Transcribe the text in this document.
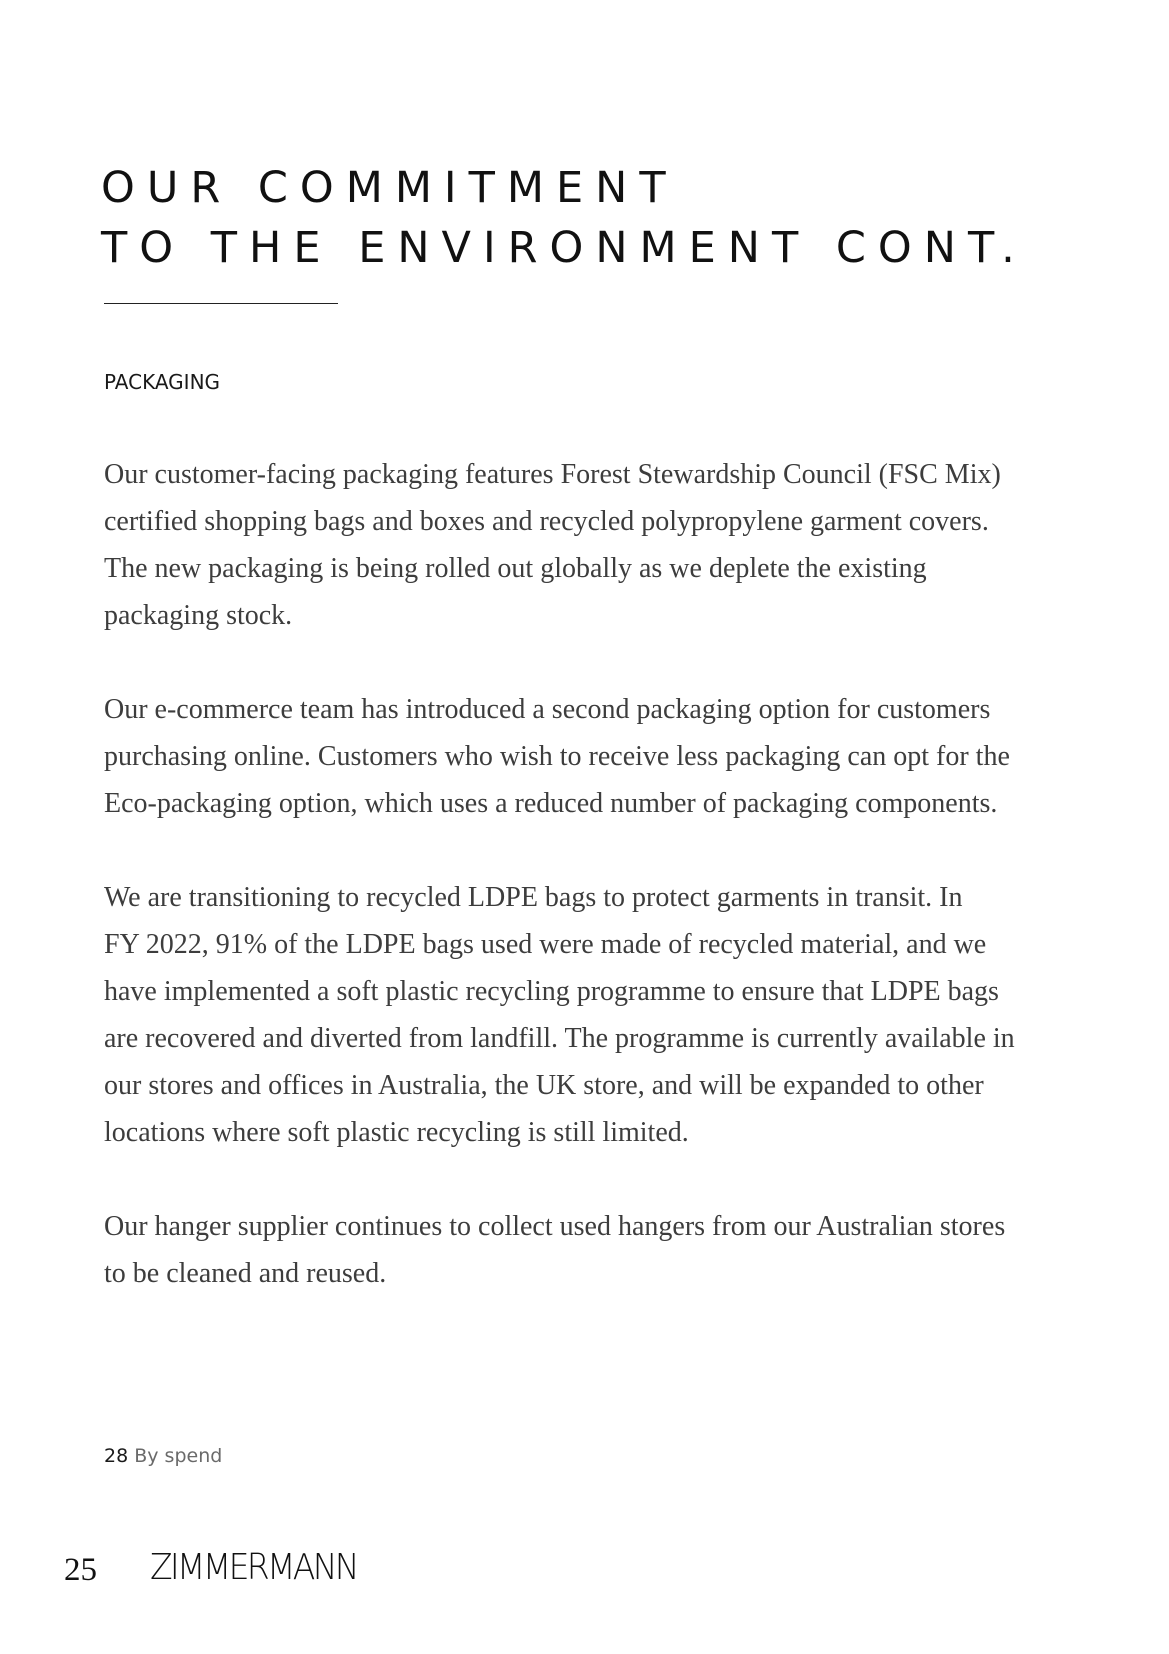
OUR COMMITMENT
TO THE ENVIRONMENT CONT.
PACKAGING

Our customer-facing packaging features Forest Stewardship Council (FSC Mix)
certified shopping bags and boxes and recycled polypropylene garment covers.
The new packaging is being rolled out globally as we deplete the existing
packaging stock.

Our e-commerce team has introduced a second packaging option for customers
purchasing online. Customers who wish to receive less packaging can opt for the
Eco-packaging option, which uses a reduced number of packaging components.

We are transitioning to recycled LDPE bags to protect garments in transit. In
FY 2022, 91% of the LDPE bags used were made of recycled material, and we
have implemented a soft plastic recycling programme to ensure that LDPE bags
are recovered and diverted from landfill. The programme is currently available in
our stores and offices in Australia, the UK store, and will be expanded to other
locations where soft plastic recycling is still limited.

Our hanger supplier continues to collect used hangers from our Australian stores
to be cleaned and reused.

28 By spend

25 ZIMMERMANN
